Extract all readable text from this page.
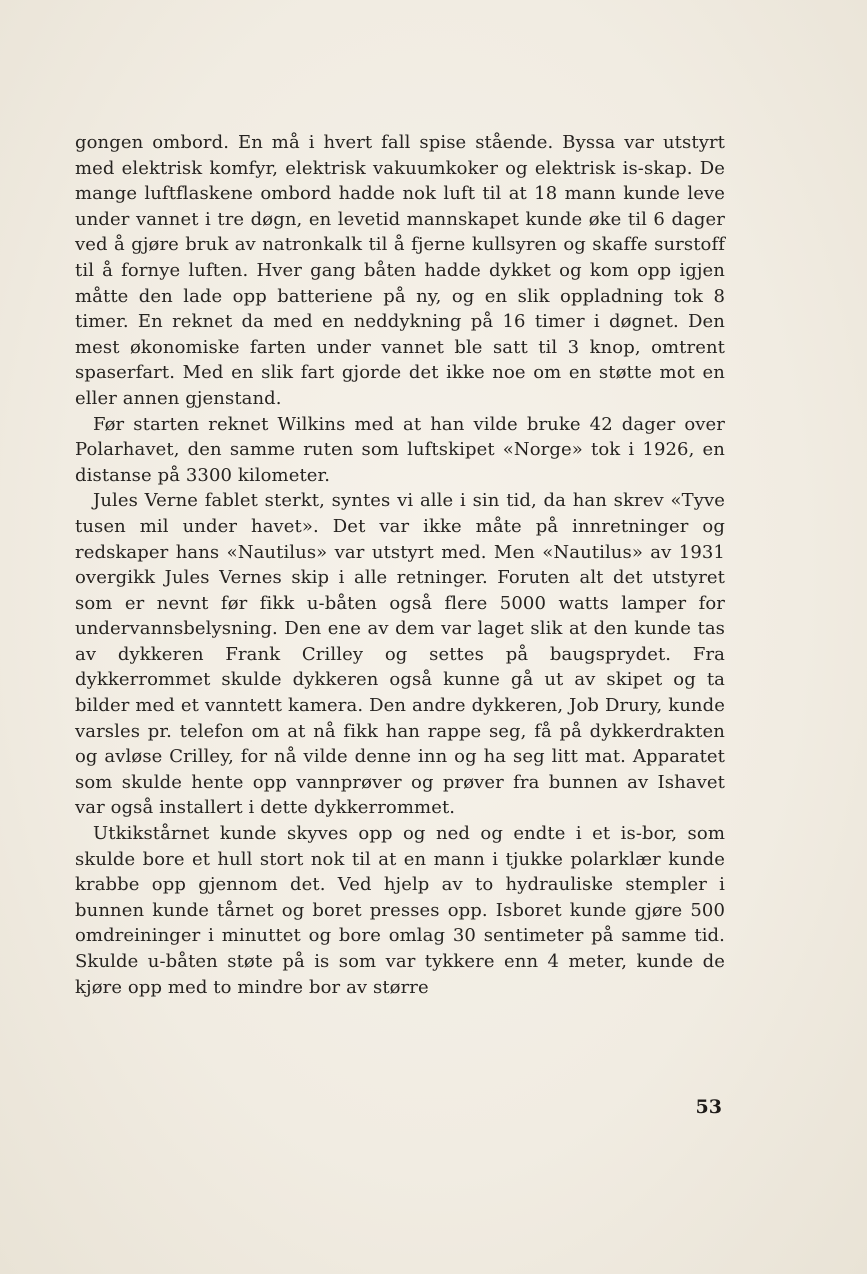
gongen ombord. En må i hvert fall spise stående. Byssa var utstyrt med elektrisk komfyr, elektrisk vakuumkoker og elektrisk is-skap. De mange luftflaskene ombord hadde nok luft til at 18 mann kunde leve under vannet i tre døgn, en levetid mannskapet kunde øke til 6 dager ved å gjøre bruk av natronkalk til å fjerne kullsyren og skaffe surstoff til å fornye luften. Hver gang båten hadde dykket og kom opp igjen måtte den lade opp batteriene på ny, og en slik oppladning tok 8 timer. En reknet da med en neddykning på 16 timer i døgnet. Den mest økonomiske farten under vannet ble satt til 3 knop, omtrent spaserfart. Med en slik fart gjorde det ikke noe om en støtte mot en eller annen gjenstand.

Før starten reknet Wilkins med at han vilde bruke 42 dager over Polarhavet, den samme ruten som luftskipet «Norge» tok i 1926, en distanse på 3300 kilometer.

Jules Verne fablet sterkt, syntes vi alle i sin tid, da han skrev «Tyve tusen mil under havet». Det var ikke måte på innretninger og redskaper hans «Nautilus» var utstyrt med. Men «Nautilus» av 1931 overgikk Jules Vernes skip i alle retninger. Foruten alt det utstyret som er nevnt før fikk u-båten også flere 5000 watts lamper for undervannsbelysning. Den ene av dem var laget slik at den kunde tas av dykkeren Frank Crilley og settes på baugsprydet. Fra dykkerrommet skulde dykkeren også kunne gå ut av skipet og ta bilder med et vanntett kamera. Den andre dykkeren, Job Drury, kunde varsles pr. telefon om at nå fikk han rappe seg, få på dykkerdrakten og avløse Crilley, for nå vilde denne inn og ha seg litt mat. Apparatet som skulde hente opp vannprøver og prøver fra bunnen av Ishavet var også installert i dette dykkerrommet.

Utkikstårnet kunde skyves opp og ned og endte i et is-bor, som skulde bore et hull stort nok til at en mann i tjukke polarklær kunde krabbe opp gjennom det. Ved hjelp av to hydrauliske stempler i bunnen kunde tårnet og boret presses opp. Isboret kunde gjøre 500 omdreininger i minuttet og bore omlag 30 sentimeter på samme tid. Skulde u-båten støte på is som var tykkere enn 4 meter, kunde de kjøre opp med to mindre bor av større

53
